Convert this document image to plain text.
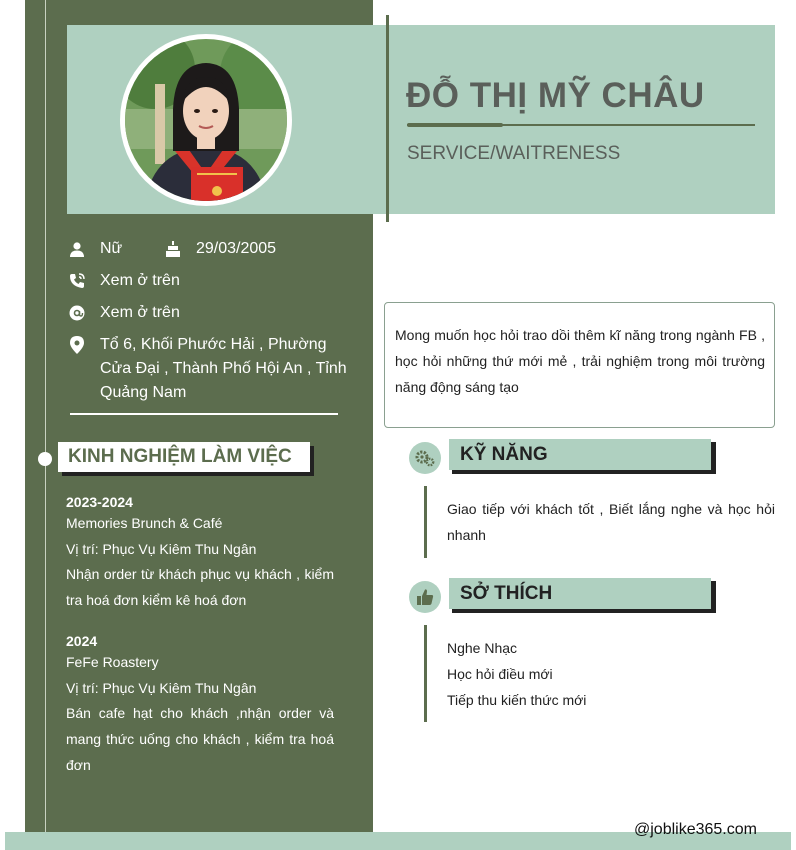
ĐỖ THỊ MỸ CHÂU
SERVICE/WAITRENESS
Nữ	29/03/2005
Xem ở trên
Xem ở trên
Tổ 6, Khối Phước Hải , Phường Cửa Đại , Thành Phố Hội An , Tỉnh Quảng Nam
KINH NGHIỆM LÀM VIỆC
2023-2024
Memories Brunch & Café
Vị trí: Phục Vụ Kiêm Thu Ngân
Nhận order từ khách phục vụ khách , kiểm tra hoá đơn kiểm kê hoá đơn
2024
FeFe Roastery
Vị trí: Phục Vụ Kiêm Thu Ngân
Bán cafe hạt cho khách ,nhận order và mang thức uống cho khách , kiểm tra hoá đơn
Mong muốn học hỏi trao dồi thêm kĩ năng trong ngành FB , học hỏi những thứ mới mẻ , trải nghiệm trong môi trường năng động sáng tạo
KỸ NĂNG
Giao tiếp với khách tốt , Biết lắng nghe và học hỏi nhanh
SỞ THÍCH
Nghe Nhạc
Học hỏi điều mới
Tiếp thu kiến thức mới
@joblike365.com
